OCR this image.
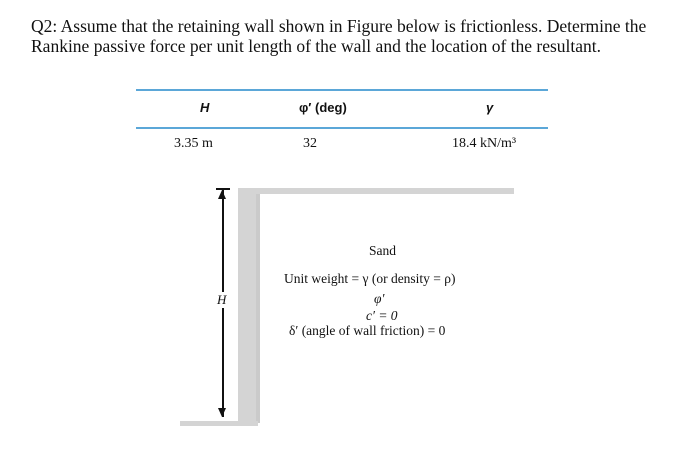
Q2: Assume that the retaining wall shown in Figure below is frictionless. Determine the Rankine passive force per unit length of the wall and the location of the resultant.
H	φ′ (deg)	γ
3.35 m	32	18.4 kN/m³
H
Sand
Unit weight = γ (or density = ρ)
φ′
c′ = 0
δ′ (angle of wall friction) = 0
